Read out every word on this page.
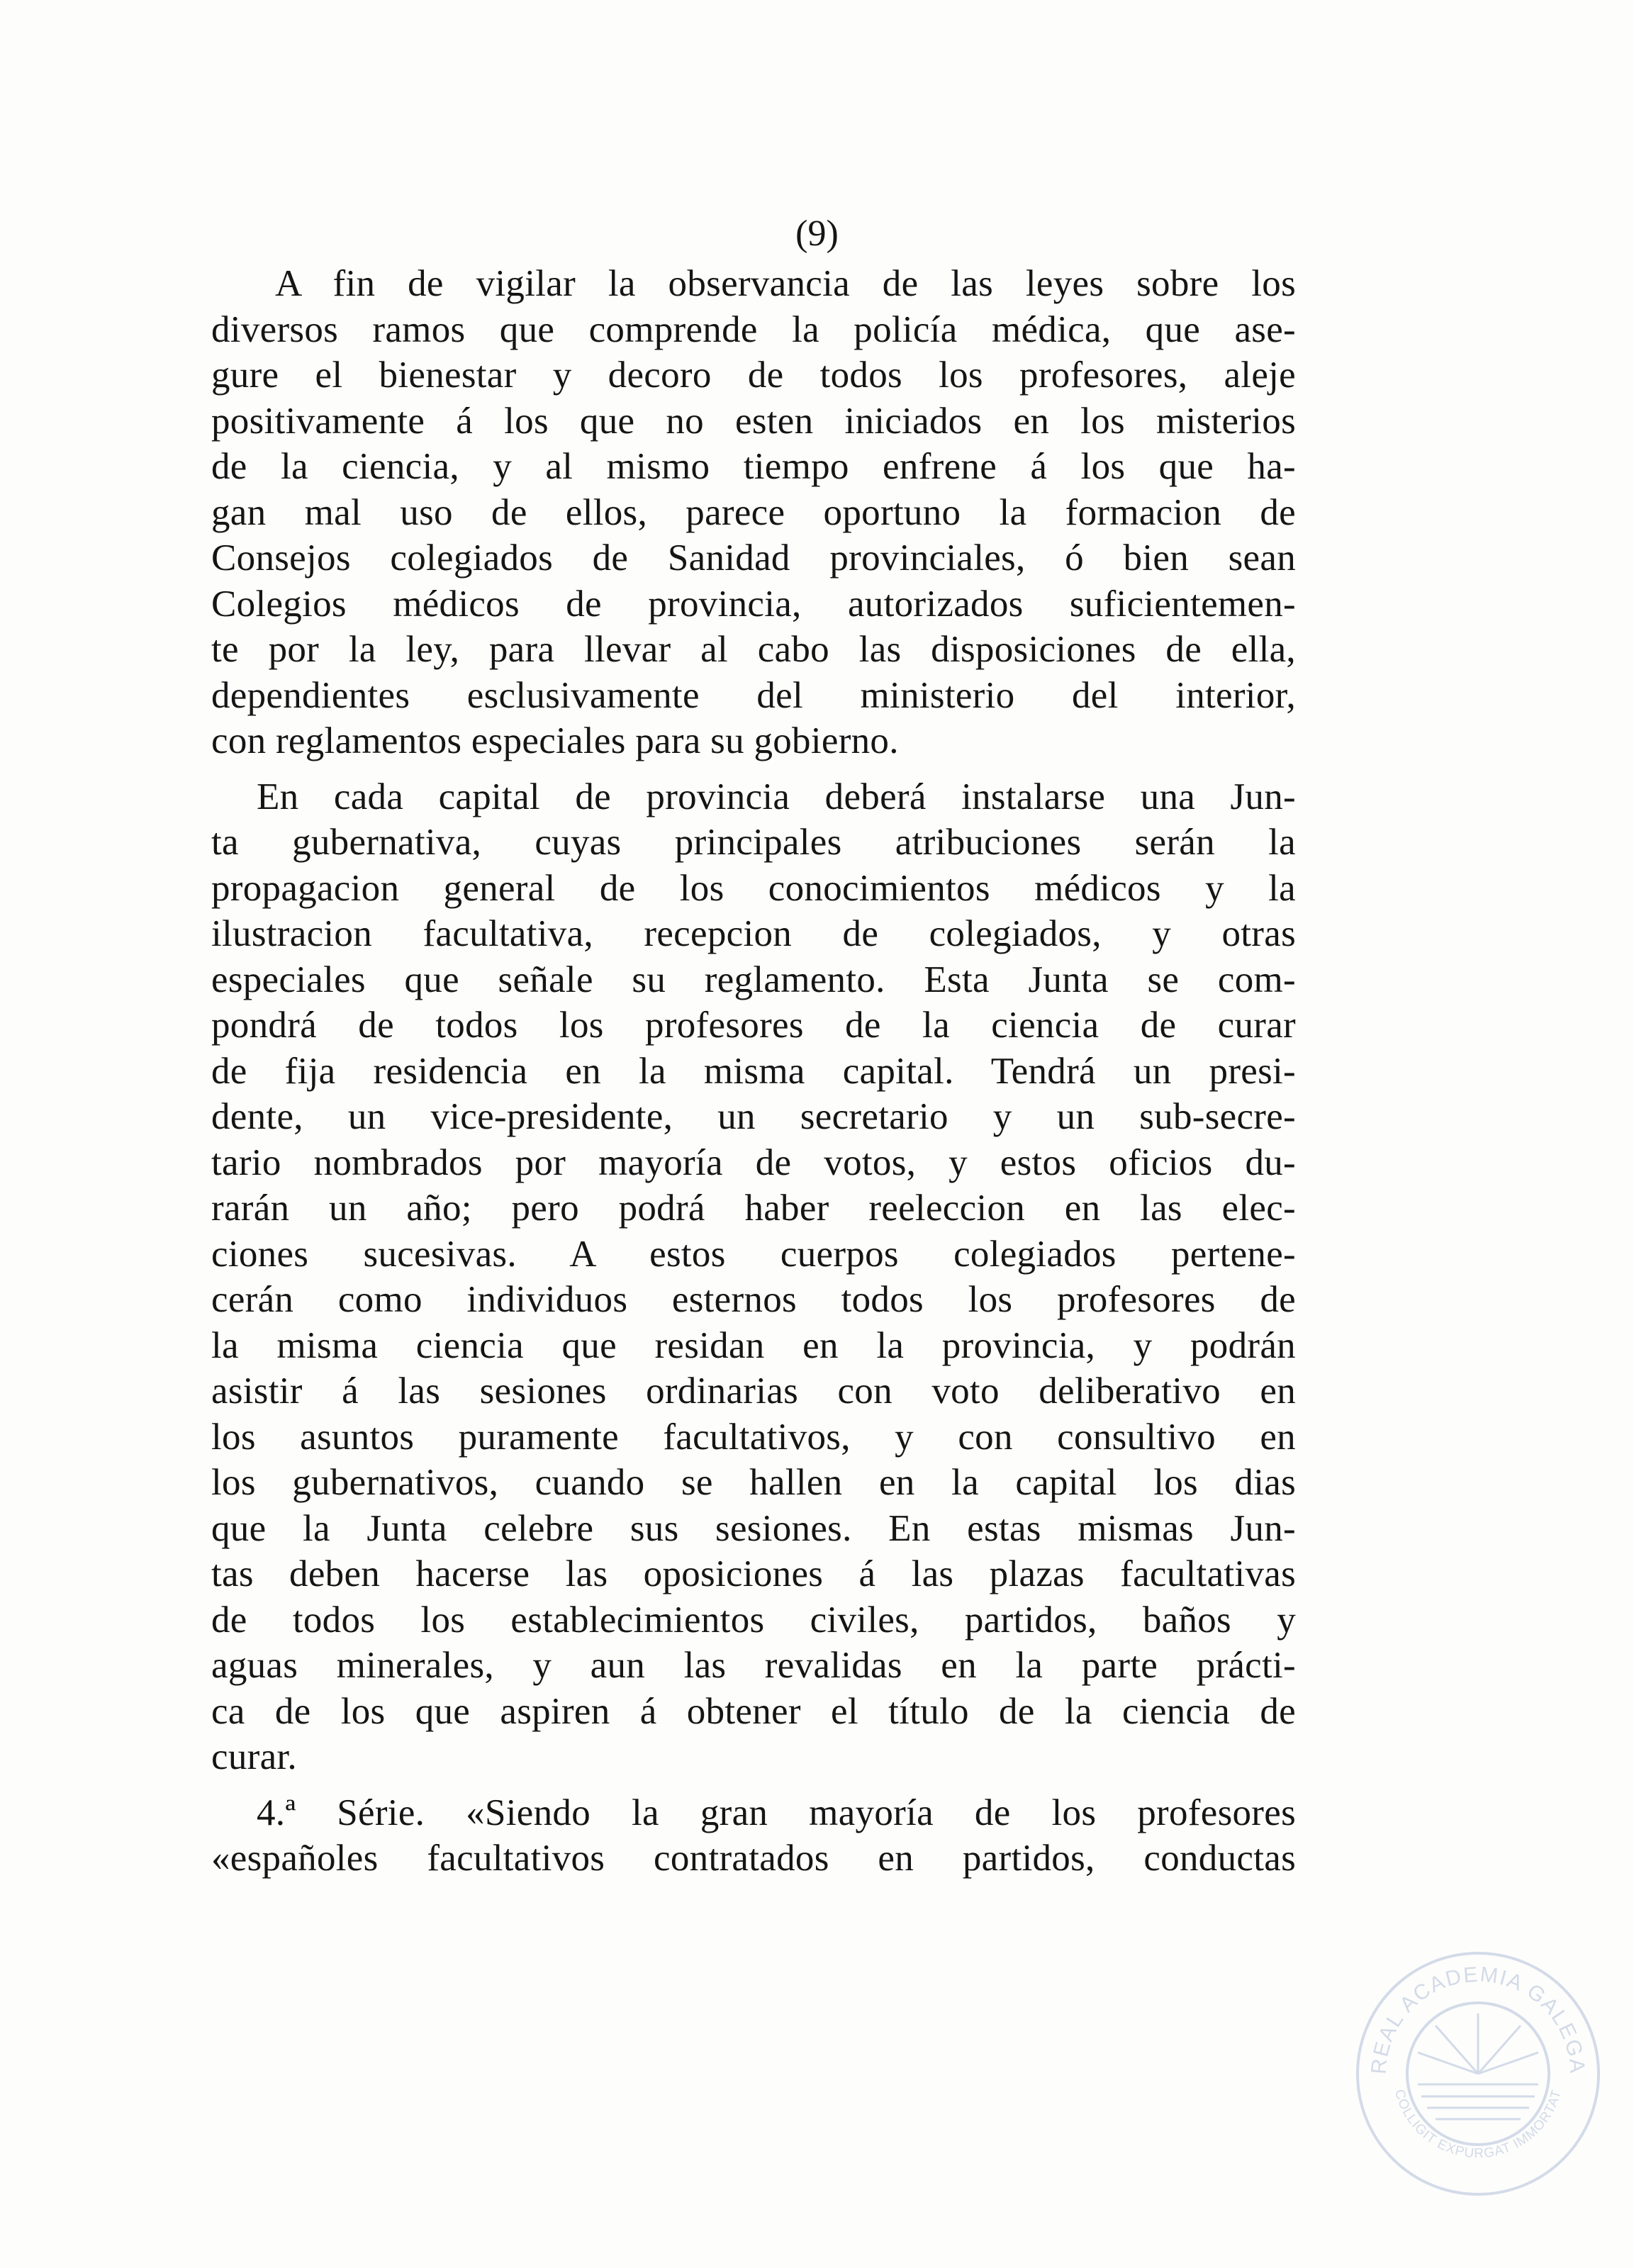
(9)
A fin de vigilar la observancia de las leyes sobre los
diversos ramos que comprende la policía médica, que ase-
gure el bienestar y decoro de todos los profesores, aleje
positivamente á los que no esten iniciados en los misterios
de la ciencia, y al mismo tiempo enfrene á los que ha-
gan mal uso de ellos, parece oportuno la formacion de
Consejos colegiados de Sanidad provinciales, ó bien sean
Colegios médicos de provincia, autorizados suficientemen-
te por la ley, para llevar al cabo las disposiciones de ella,
dependientes esclusivamente del ministerio del interior,
con reglamentos especiales para su gobierno.
En cada capital de provincia deberá instalarse una Jun-
ta gubernativa, cuyas principales atribuciones serán la
propagacion general de los conocimientos médicos y la
ilustracion facultativa, recepcion de colegiados, y otras
especiales que señale su reglamento. Esta Junta se com-
pondrá de todos los profesores de la ciencia de curar
de fija residencia en la misma capital. Tendrá un presi-
dente, un vice-presidente, un secretario y un sub-secre-
tario nombrados por mayoría de votos, y estos oficios du-
rarán un año; pero podrá haber reeleccion en las elec-
ciones sucesivas. A estos cuerpos colegiados pertene-
cerán como individuos esternos todos los profesores de
la misma ciencia que residan en la provincia, y podrán
asistir á las sesiones ordinarias con voto deliberativo en
los asuntos puramente facultativos, y con consultivo en
los gubernativos, cuando se hallen en la capital los dias
que la Junta celebre sus sesiones. En estas mismas Jun-
tas deben hacerse las oposiciones á las plazas facultativas
de todos los establecimientos civiles, partidos, baños y
aguas minerales, y aun las revalidas en la parte prácti-
ca de los que aspiren á obtener el título de la ciencia de
curar.
4.ª Série. «Siendo la gran mayoría de los profesores
«españoles facultativos contratados en partidos, conductas
REAL ACADEMIA GALEGA
COLLIGIT EXPURGAT IMMORTAT
